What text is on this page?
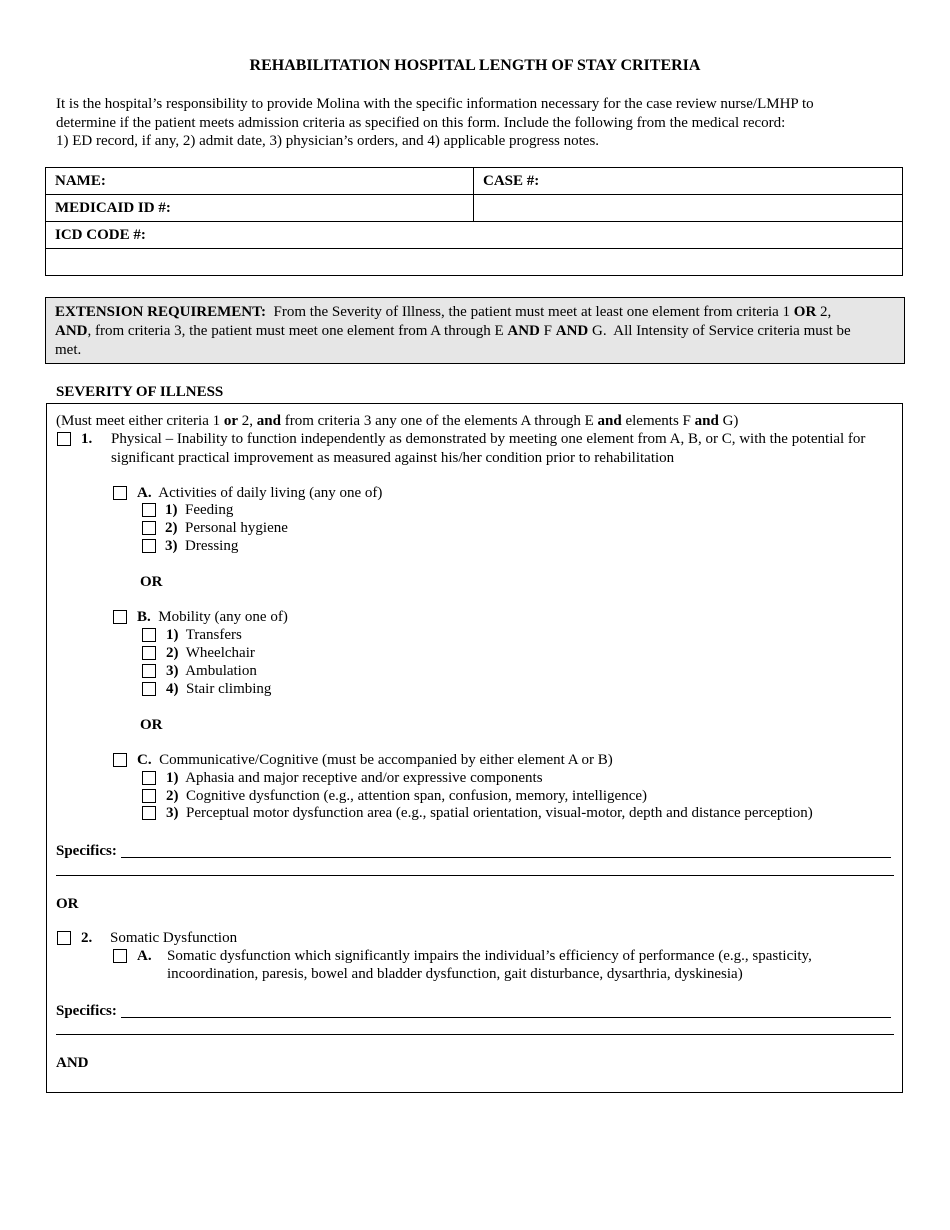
REHABILITATION HOSPITAL LENGTH OF STAY CRITERIA
It is the hospital’s responsibility to provide Molina with the specific information necessary for the case review nurse/LMHP to
determine if the patient meets admission criteria as specified on this form. Include the following from the medical record:
1) ED record, if any, 2) admit date, 3) physician’s orders, and 4) applicable progress notes.
NAME:	CASE #:
MEDICAID ID #:	
ICD CODE #:	

EXTENSION REQUIREMENT:  From the Severity of Illness, the patient must meet at least one element from criteria 1 OR 2,
AND, from criteria 3, the patient must meet one element from A through E AND F AND G.  All Intensity of Service criteria must be
met.
SEVERITY OF ILLNESS
(Must meet either criteria 1 or 2, and from criteria 3 any one of the elements A through E and elements F and G)
1. Physical – Inability to function independently as demonstrated by meeting one element from A, B, or C, with the potential for
significant practical improvement as measured against his/her condition prior to rehabilitation
A. Activities of daily living (any one of)
1) Feeding
2) Personal hygiene
3) Dressing
OR
B. Mobility (any one of)
1) Transfers
2) Wheelchair
3) Ambulation
4) Stair climbing
OR
C. Communicative/Cognitive (must be accompanied by either element A or B)
1) Aphasia and major receptive and/or expressive components
2) Cognitive dysfunction (e.g., attention span, confusion, memory, intelligence)
3) Perceptual motor dysfunction area (e.g., spatial orientation, visual-motor, depth and distance perception)
Specifics:
OR
2. Somatic Dysfunction
A. Somatic dysfunction which significantly impairs the individual’s efficiency of performance (e.g., spasticity,
incoordination, paresis, bowel and bladder dysfunction, gait disturbance, dysarthria, dyskinesia)
Specifics:
AND
